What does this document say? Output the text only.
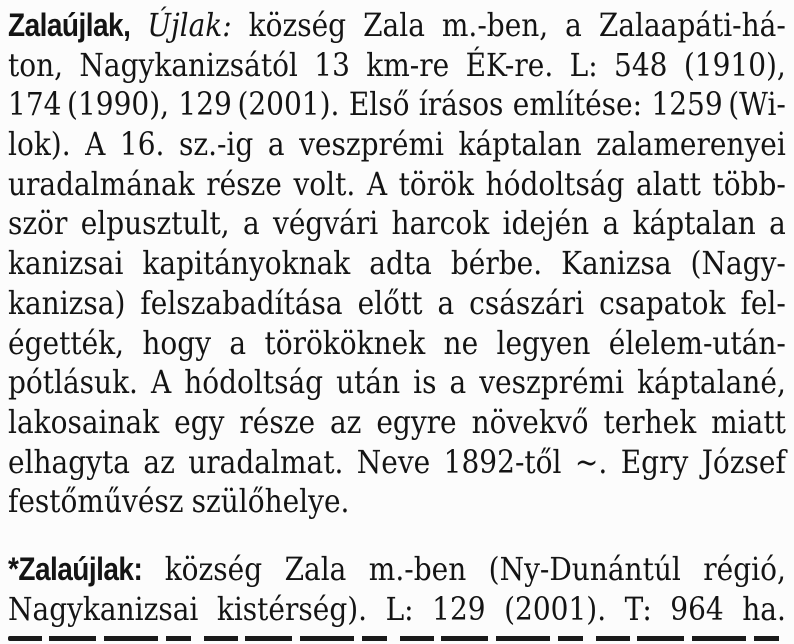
Zalaújlak, Újlak: község Zala m.-ben, a Zalaapáti-há-
ton, Nagykanizsától 13 km-re ÉK-re. L: 548 (1910),
174 (1990), 129 (2001). Első írásos említése: 1259 (Wi-
lok). A 16. sz.-ig a veszprémi káptalan zalamerenyei
uradalmának része volt. A török hódoltság alatt több-
ször elpusztult, a végvári harcok idején a káptalan a
kanizsai kapitányoknak adta bérbe. Kanizsa (Nagy-
kanizsa) felszabadítása előtt a császári csapatok fel-
égették, hogy a törököknek ne legyen élelem-után-
pótlásuk. A hódoltság után is a veszprémi káptalané,
lakosainak egy része az egyre növekvő terhek miatt
elhagyta az uradalmat. Neve 1892-től ~. Egry József
festőművész szülőhelye.
*Zalaújlak: község Zala m.-ben (Ny-Dunántúl régió,
Nagykanizsai kistérség). L: 129 (2001). T: 964 ha.
